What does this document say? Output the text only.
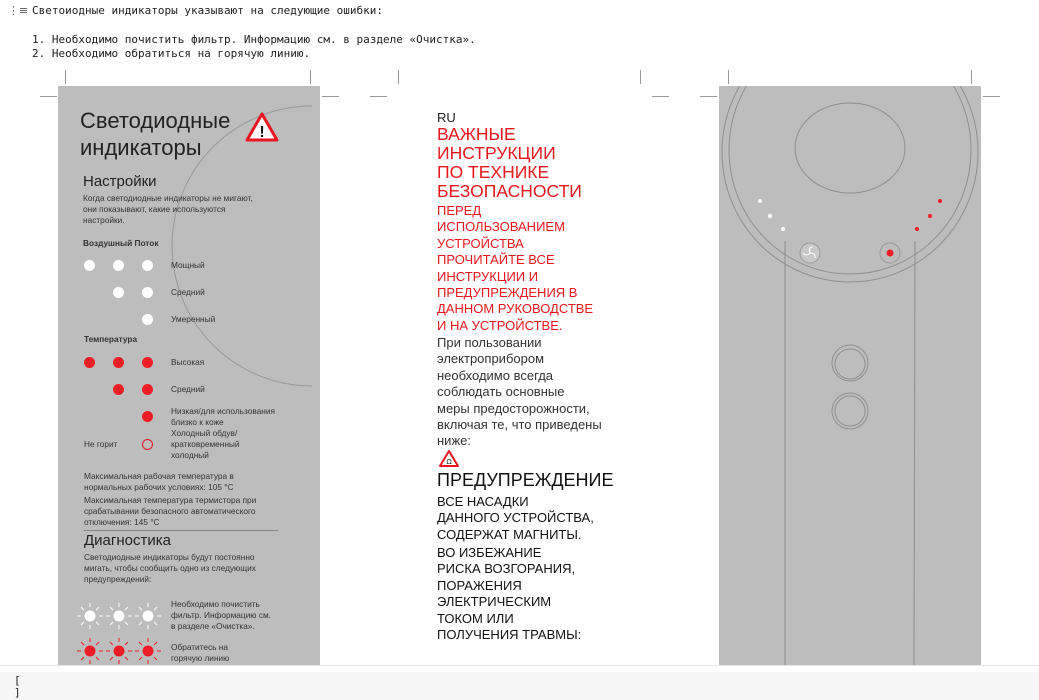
⋮≡ Светоиодные индикаторы указывают на следующие ошибки:
1. Необходимо почистить фильтр. Информацию см. в разделе «Очистка».
2. Необходимо обратиться на горячую линию.
Светодиодные
индикаторы
!
Настройки
Когда светодиодные индикаторы не мигают,
они показывают, какие используются
настройки.
Воздушный Поток
Мощный
Средний
Умеренный
Температура
Высокая
Средний
Низкая/для использования
близко к коже
Холодный обдув/
кратковременный
холодный
Не горит
Максимальная рабочая температура в
нормальных рабочих условиях: 105 °C
Максимальная температура термистора при
срабатывании безопасного автоматического
отключения: 145 °C
Диагностика
Светодиодные индикаторы будут постоянно
мигать, чтобы сообщить одно из следующих
предупреждений:
Необходимо почистить
фильтр. Информацию см.
в разделе «Очистка».
Обратитесь на
горячую линию
RU
ВАЖНЫЕ
ИНСТРУКЦИИ
ПО ТЕХНИКЕ
БЕЗОПАСНОСТИ
ПЕРЕД
ИСПОЛЬЗОВАНИЕМ
УСТРОЙСТВА
ПРОЧИТАЙТЕ ВСЕ
ИНСТРУКЦИИ И
ПРЕДУПРЕЖДЕНИЯ В
ДАННОМ РУКОВОДСТВЕ
И НА УСТРОЙСТВЕ.
При пользовании
электроприбором
необходимо всегда
соблюдать основные
меры предосторожности,
включая те, что приведены
ниже:
ВСЕ НАСАДКИ
ДАННОГО УСТРОЙСТВА,
СОДЕРЖАТ МАГНИТЫ.
ВО ИЗБЕЖАНИЕ
РИСКА ВОЗГОРАНИЯ,
ПОРАЖЕНИЯ
ЭЛЕКТРИЧЕСКИМ
ТОКОМ ИЛИ
ПОЛУЧЕНИЯ ТРАВМЫ:
ПРЕДУПРЕЖДЕНИЕ
Ω
[
]
